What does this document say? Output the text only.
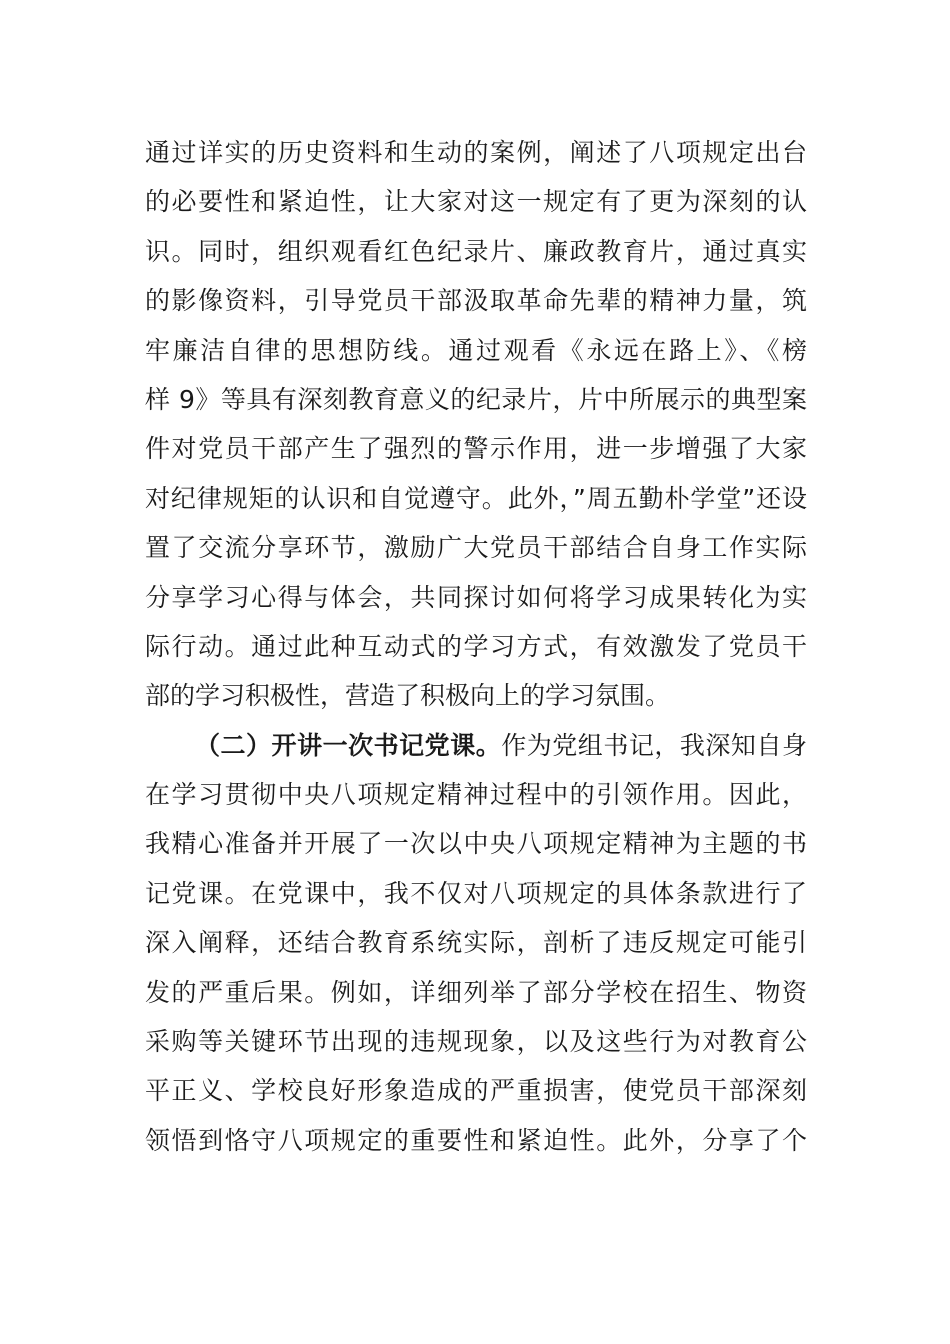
通过详实的历史资料和生动的案例，阐述了八项规定出台
的必要性和紧迫性，让大家对这一规定有了更为深刻的认
识。同时，组织观看红色纪录片、廉政教育片，通过真实
的影像资料，引导党员干部汲取革命先辈的精神力量，筑
牢廉洁自律的思想防线。通过观看《永远在路上》、《榜
样 9》等具有深刻教育意义的纪录片，片中所展示的典型案
件对党员干部产生了强烈的警示作用，进一步增强了大家
对纪律规矩的认识和自觉遵守。此外，”周五勤朴学堂”还设
置了交流分享环节，激励广大党员干部结合自身工作实际
分享学习心得与体会，共同探讨如何将学习成果转化为实
际行动。通过此种互动式的学习方式，有效激发了党员干
部的学习积极性，营造了积极向上的学习氛围。
（二）开讲一次书记党课。作为党组书记，我深知自身
在学习贯彻中央八项规定精神过程中的引领作用。因此，
我精心准备并开展了一次以中央八项规定精神为主题的书
记党课。在党课中，我不仅对八项规定的具体条款进行了
深入阐释，还结合教育系统实际，剖析了违反规定可能引
发的严重后果。例如，详细列举了部分学校在招生、物资
采购等关键环节出现的违规现象，以及这些行为对教育公
平正义、学校良好形象造成的严重损害，使党员干部深刻
领悟到恪守八项规定的重要性和紧迫性。此外，分享了个
